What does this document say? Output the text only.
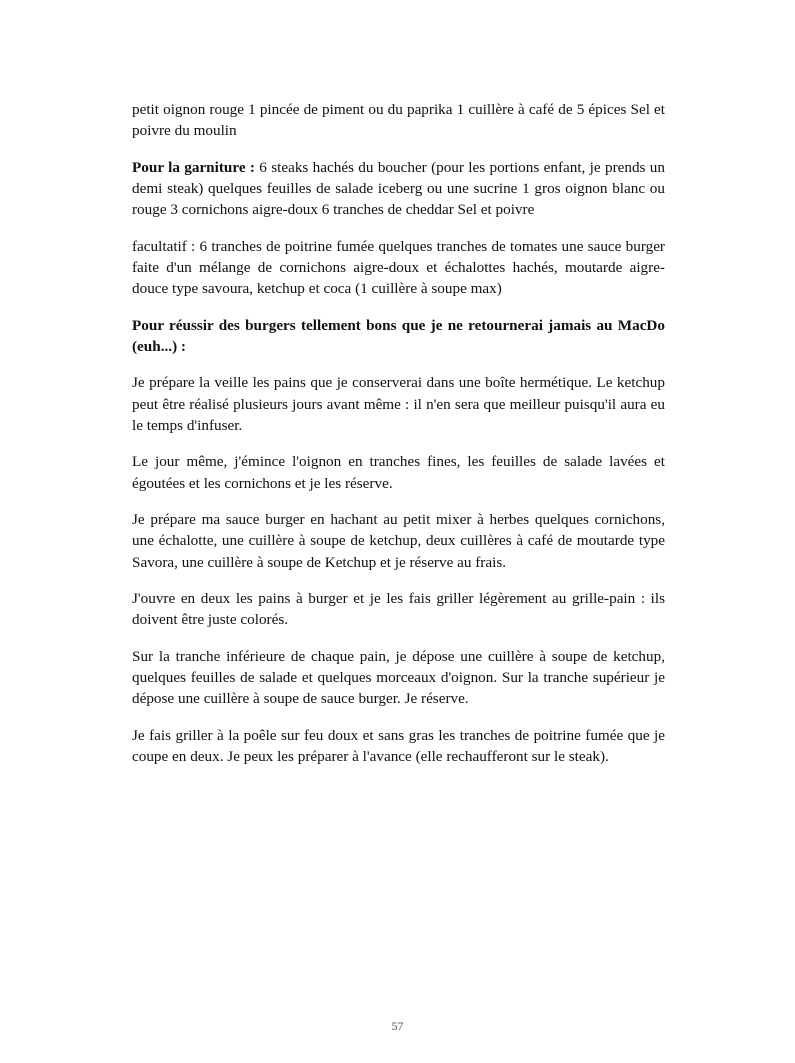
petit oignon rouge 1 pincée de piment ou du paprika 1 cuillère à café de 5 épices Sel et poivre du moulin

Pour la garniture : 6 steaks hachés du boucher (pour les portions enfant, je prends un demi steak) quelques feuilles de salade iceberg ou une sucrine 1 gros oignon blanc ou rouge 3 cornichons aigre-doux 6 tranches de cheddar Sel et poivre

facultatif : 6 tranches de poitrine fumée quelques tranches de tomates une sauce burger faite d'un mélange de cornichons aigre-doux et échalottes hachés, moutarde aigre-douce type savoura, ketchup et coca (1 cuillère à soupe max)

Pour réussir des burgers tellement bons que je ne retournerai jamais au MacDo (euh...) :

Je prépare la veille les pains que je conserverai dans une boîte hermétique. Le ketchup peut être réalisé plusieurs jours avant même : il n'en sera que meilleur puisqu'il aura eu le temps d'infuser.

Le jour même, j'émince l'oignon en tranches fines, les feuilles de salade lavées et égoutées et les cornichons et je les réserve.

Je prépare ma sauce burger en hachant au petit mixer à herbes quelques cornichons, une échalotte, une cuillère à soupe de ketchup, deux cuillères à café de moutarde type Savora, une cuillère à soupe de Ketchup et je réserve au frais.

J'ouvre en deux les pains à burger et je les fais griller légèrement au grille-pain : ils doivent être juste colorés.

Sur la tranche inférieure de chaque pain, je dépose une cuillère à soupe de ketchup, quelques feuilles de salade et quelques morceaux d'oignon. Sur la tranche supérieur je dépose une cuillère à soupe de sauce burger. Je réserve.

Je fais griller à la poêle sur feu doux et sans gras les tranches de poitrine fumée que je coupe en deux. Je peux les préparer à l'avance (elle rechaufferont sur le steak).

57
